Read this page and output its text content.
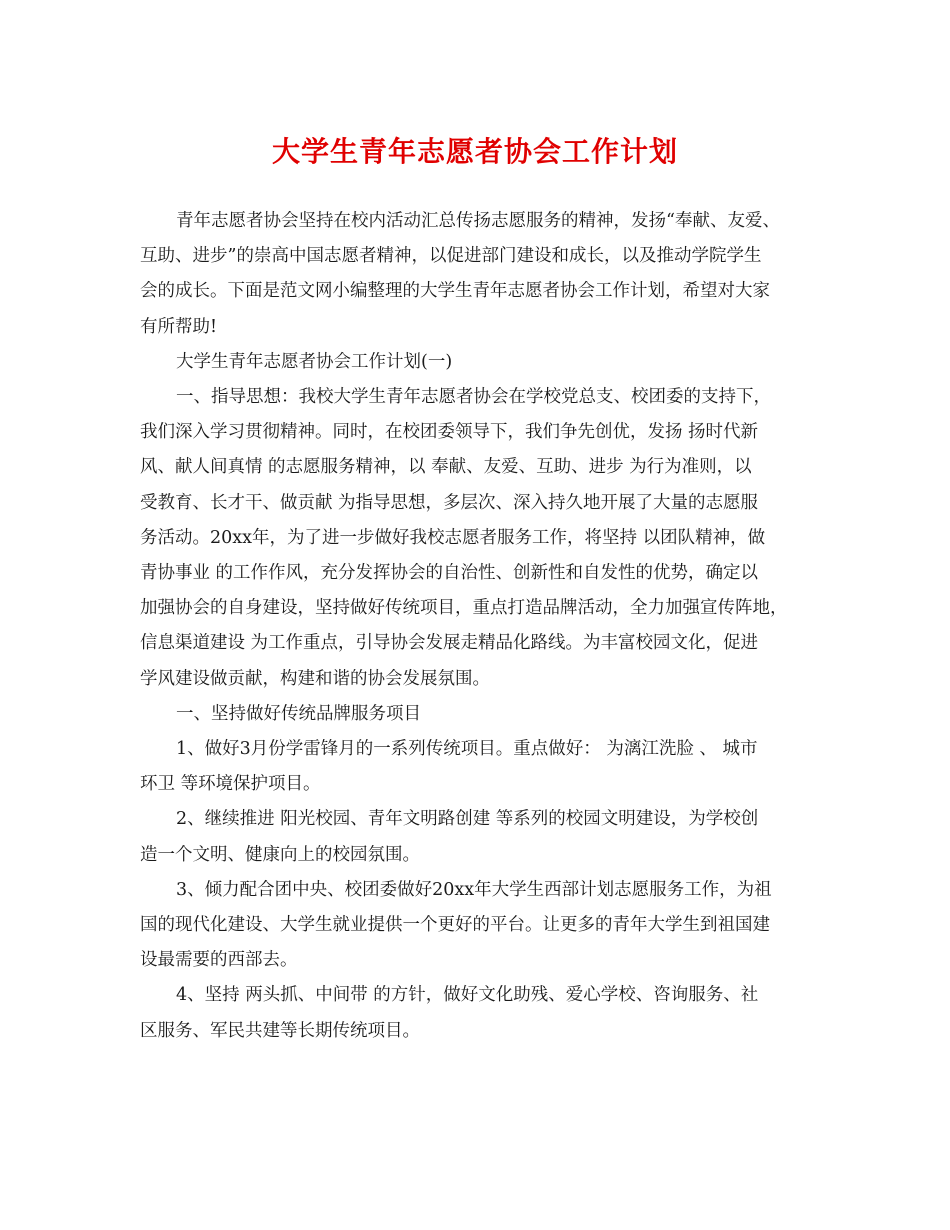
大学生青年志愿者协会工作计划
青年志愿者协会坚持在校内活动汇总传扬志愿服务的精神，发扬“奉献、友爱、
互助、进步”的崇高中国志愿者精神，以促进部门建设和成长，以及推动学院学生
会的成长。下面是范文网小编整理的大学生青年志愿者协会工作计划，希望对大家
有所帮助!
大学生青年志愿者协会工作计划(一)
一、指导思想：我校大学生青年志愿者协会在学校党总支、校团委的支持下，
我们深入学习贯彻精神。同时，在校团委领导下，我们争先创优，发扬 扬时代新
风、献人间真情 的志愿服务精神，以 奉献、友爱、互助、进步 为行为准则，以
受教育、长才干、做贡献 为指导思想，多层次、深入持久地开展了大量的志愿服
务活动。20xx年，为了进一步做好我校志愿者服务工作，将坚持 以团队精神，做
青协事业 的工作作风，充分发挥协会的自治性、创新性和自发性的优势，确定以
加强协会的自身建设，坚持做好传统项目，重点打造品牌活动，全力加强宣传阵地，
信息渠道建设 为工作重点，引导协会发展走精品化路线。为丰富校园文化，促进
学风建设做贡献，构建和谐的协会发展氛围。
一、坚持做好传统品牌服务项目
1、做好3月份学雷锋月的一系列传统项目。重点做好： 为漓江洗脸 、 城市
环卫 等环境保护项目。
2、继续推进 阳光校园、青年文明路创建 等系列的校园文明建设，为学校创
造一个文明、健康向上的校园氛围。
3、倾力配合团中央、校团委做好20xx年大学生西部计划志愿服务工作，为祖
国的现代化建设、大学生就业提供一个更好的平台。让更多的青年大学生到祖国建
设最需要的西部去。
4、坚持 两头抓、中间带 的方针，做好文化助残、爱心学校、咨询服务、社
区服务、军民共建等长期传统项目。
